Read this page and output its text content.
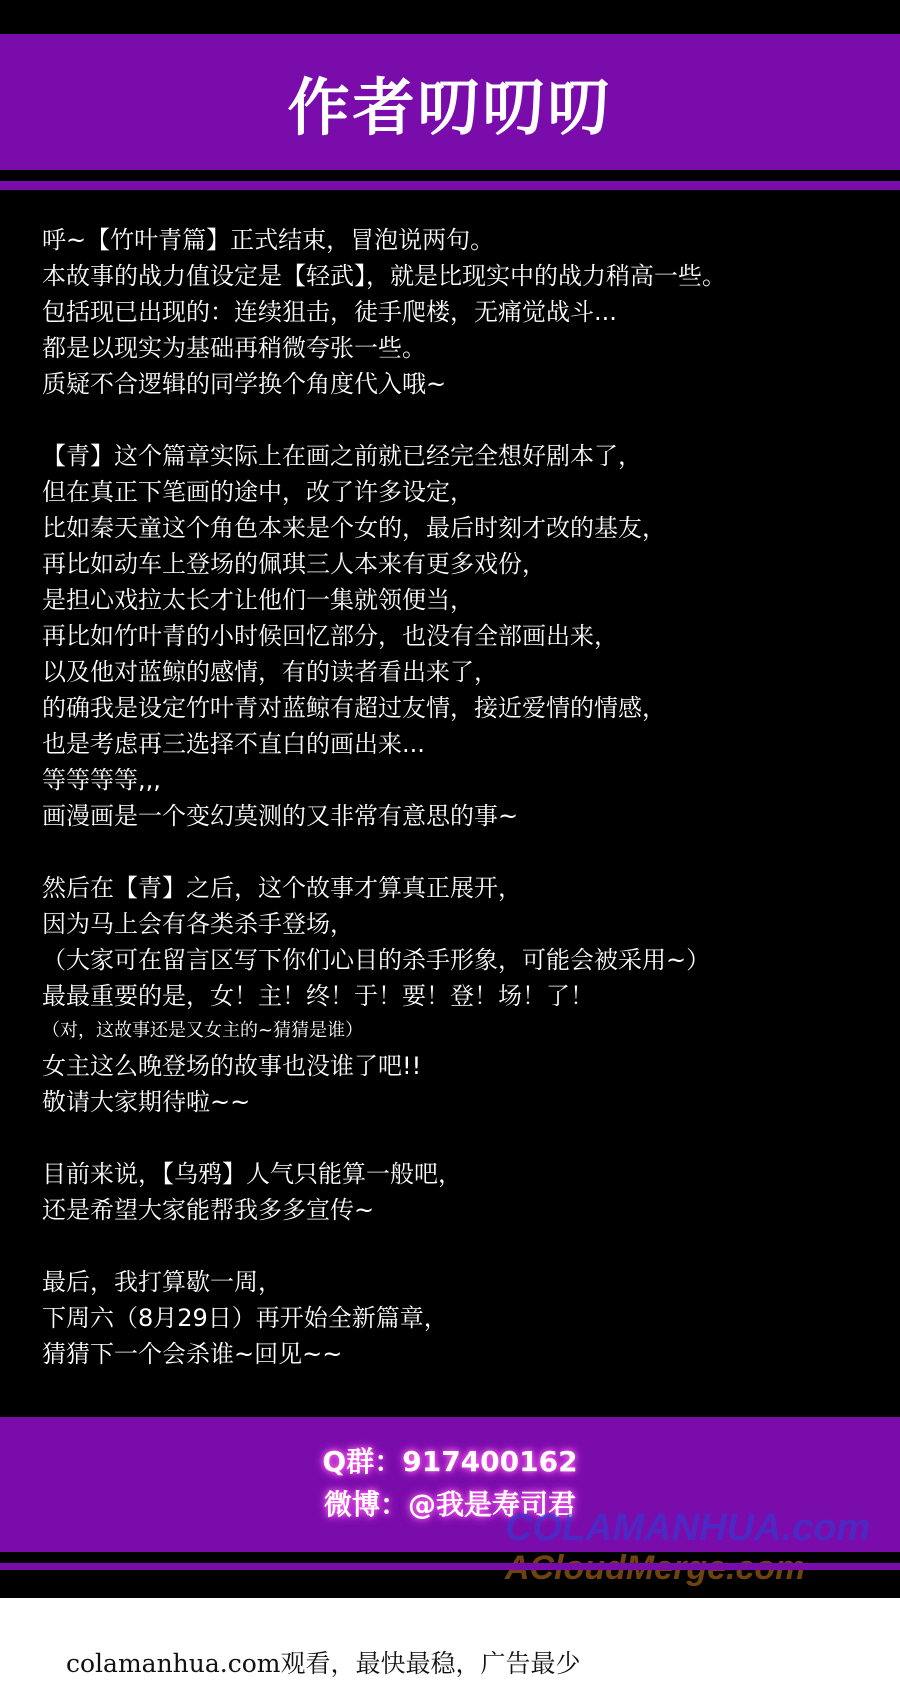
作者叨叨叨
呼~【竹叶青篇】正式结束，冒泡说两句。
本故事的战力值设定是【轻武】，就是比现实中的战力稍高一些。
包括现已出现的：连续狙击，徒手爬楼，无痛觉战斗...
都是以现实为基础再稍微夸张一些。
质疑不合逻辑的同学换个角度代入哦~
【青】这个篇章实际上在画之前就已经完全想好剧本了，
但在真正下笔画的途中，改了许多设定，
比如秦天童这个角色本来是个女的，最后时刻才改的基友，
再比如动车上登场的佩琪三人本来有更多戏份，
是担心戏拉太长才让他们一集就领便当，
再比如竹叶青的小时候回忆部分，也没有全部画出来，
以及他对蓝鲸的感情，有的读者看出来了，
的确我是设定竹叶青对蓝鲸有超过友情，接近爱情的情感，
也是考虑再三选择不直白的画出来...
等等等等,,,
画漫画是一个变幻莫测的又非常有意思的事~
然后在【青】之后，这个故事才算真正展开，
因为马上会有各类杀手登场，
（大家可在留言区写下你们心目的杀手形象，可能会被采用~）
最最重要的是，女！主！终！于！要！登！场！了！
（对，这故事还是又女主的~猜猜是谁）
女主这么晚登场的故事也没谁了吧!!
敬请大家期待啦~~
目前来说，【乌鸦】人气只能算一般吧，
还是希望大家能帮我多多宣传~
最后，我打算歇一周，
下周六（8月29日）再开始全新篇章，
猜猜下一个会杀谁~回见~~
Q群：917400162
微博：@我是寿司君
COLAMANHUA.com
colamanhua.com观看，最快最稳，广告最少
